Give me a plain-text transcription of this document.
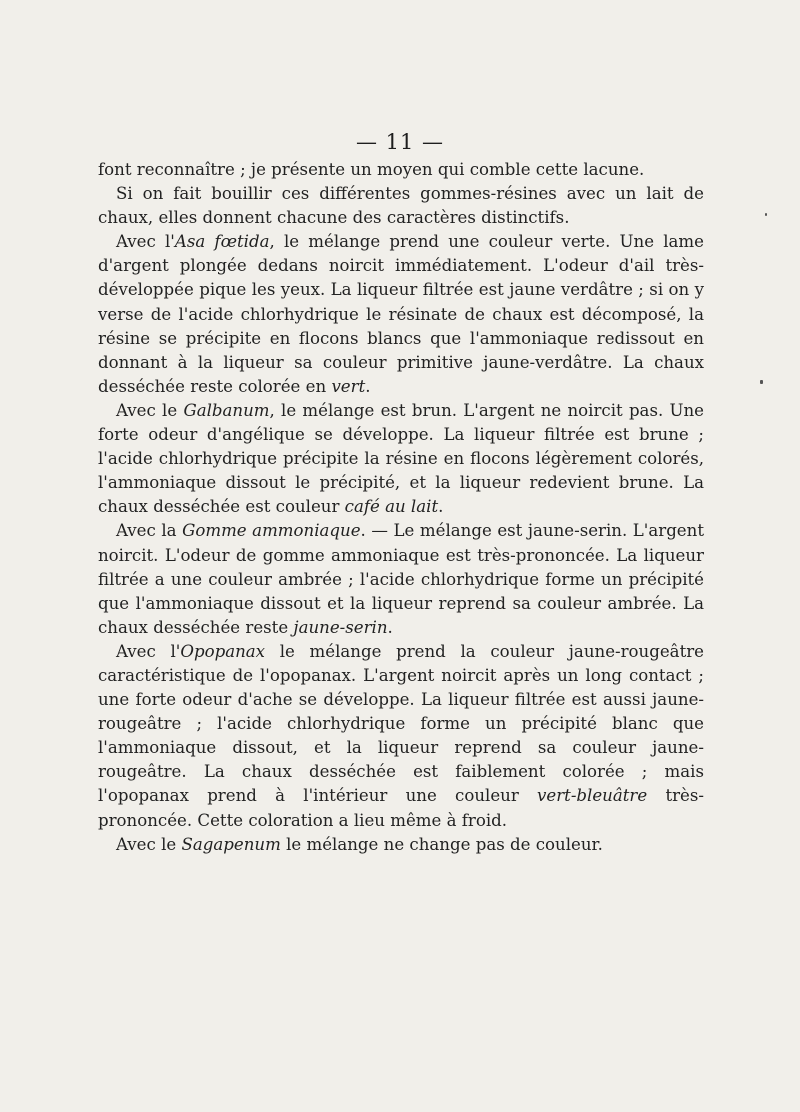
— 11 —

font reconnaître ; je présente un moyen qui comble cette lacune.

Si on fait bouillir ces différentes gommes-résines avec un lait de chaux, elles donnent chacune des caractères distinctifs.

Avec l'Asa fœtida, le mélange prend une couleur verte. Une lame d'argent plongée dedans noircit immédiatement. L'odeur d'ail très-développée pique les yeux. La liqueur filtrée est jaune verdâtre ; si on y verse de l'acide chlorhydrique le résinate de chaux est décomposé, la résine se précipite en flocons blancs que l'ammoniaque redissout en donnant à la liqueur sa couleur primitive jaune-verdâtre. La chaux desséchée reste colorée en vert.

Avec le Galbanum, le mélange est brun. L'argent ne noircit pas. Une forte odeur d'angélique se développe. La liqueur filtrée est brune ; l'acide chlorhydrique précipite la résine en flocons légèrement colorés, l'ammoniaque dissout le précipité, et la liqueur redevient brune. La chaux desséchée est couleur café au lait.

Avec la Gomme ammoniaque. — Le mélange est jaune-serin. L'argent noircit. L'odeur de gomme ammoniaque est très-prononcée. La liqueur filtrée a une couleur ambrée ; l'acide chlorhydrique forme un précipité que l'ammoniaque dissout et la liqueur reprend sa couleur ambrée. La chaux desséchée reste jaune-serin.

Avec l'Opopanax le mélange prend la couleur jaune-rougeâtre caractéristique de l'opopanax. L'argent noircit après un long contact ; une forte odeur d'ache se développe. La liqueur filtrée est aussi jaune-rougeâtre ; l'acide chlorhydrique forme un précipité blanc que l'ammoniaque dissout, et la liqueur reprend sa couleur jaune-rougeâtre. La chaux desséchée est faiblement colorée ; mais l'opopanax prend à l'intérieur une couleur vert-bleuâtre très-prononcée. Cette coloration a lieu même à froid.

Avec le Sagapenum le mélange ne change pas de couleur.
